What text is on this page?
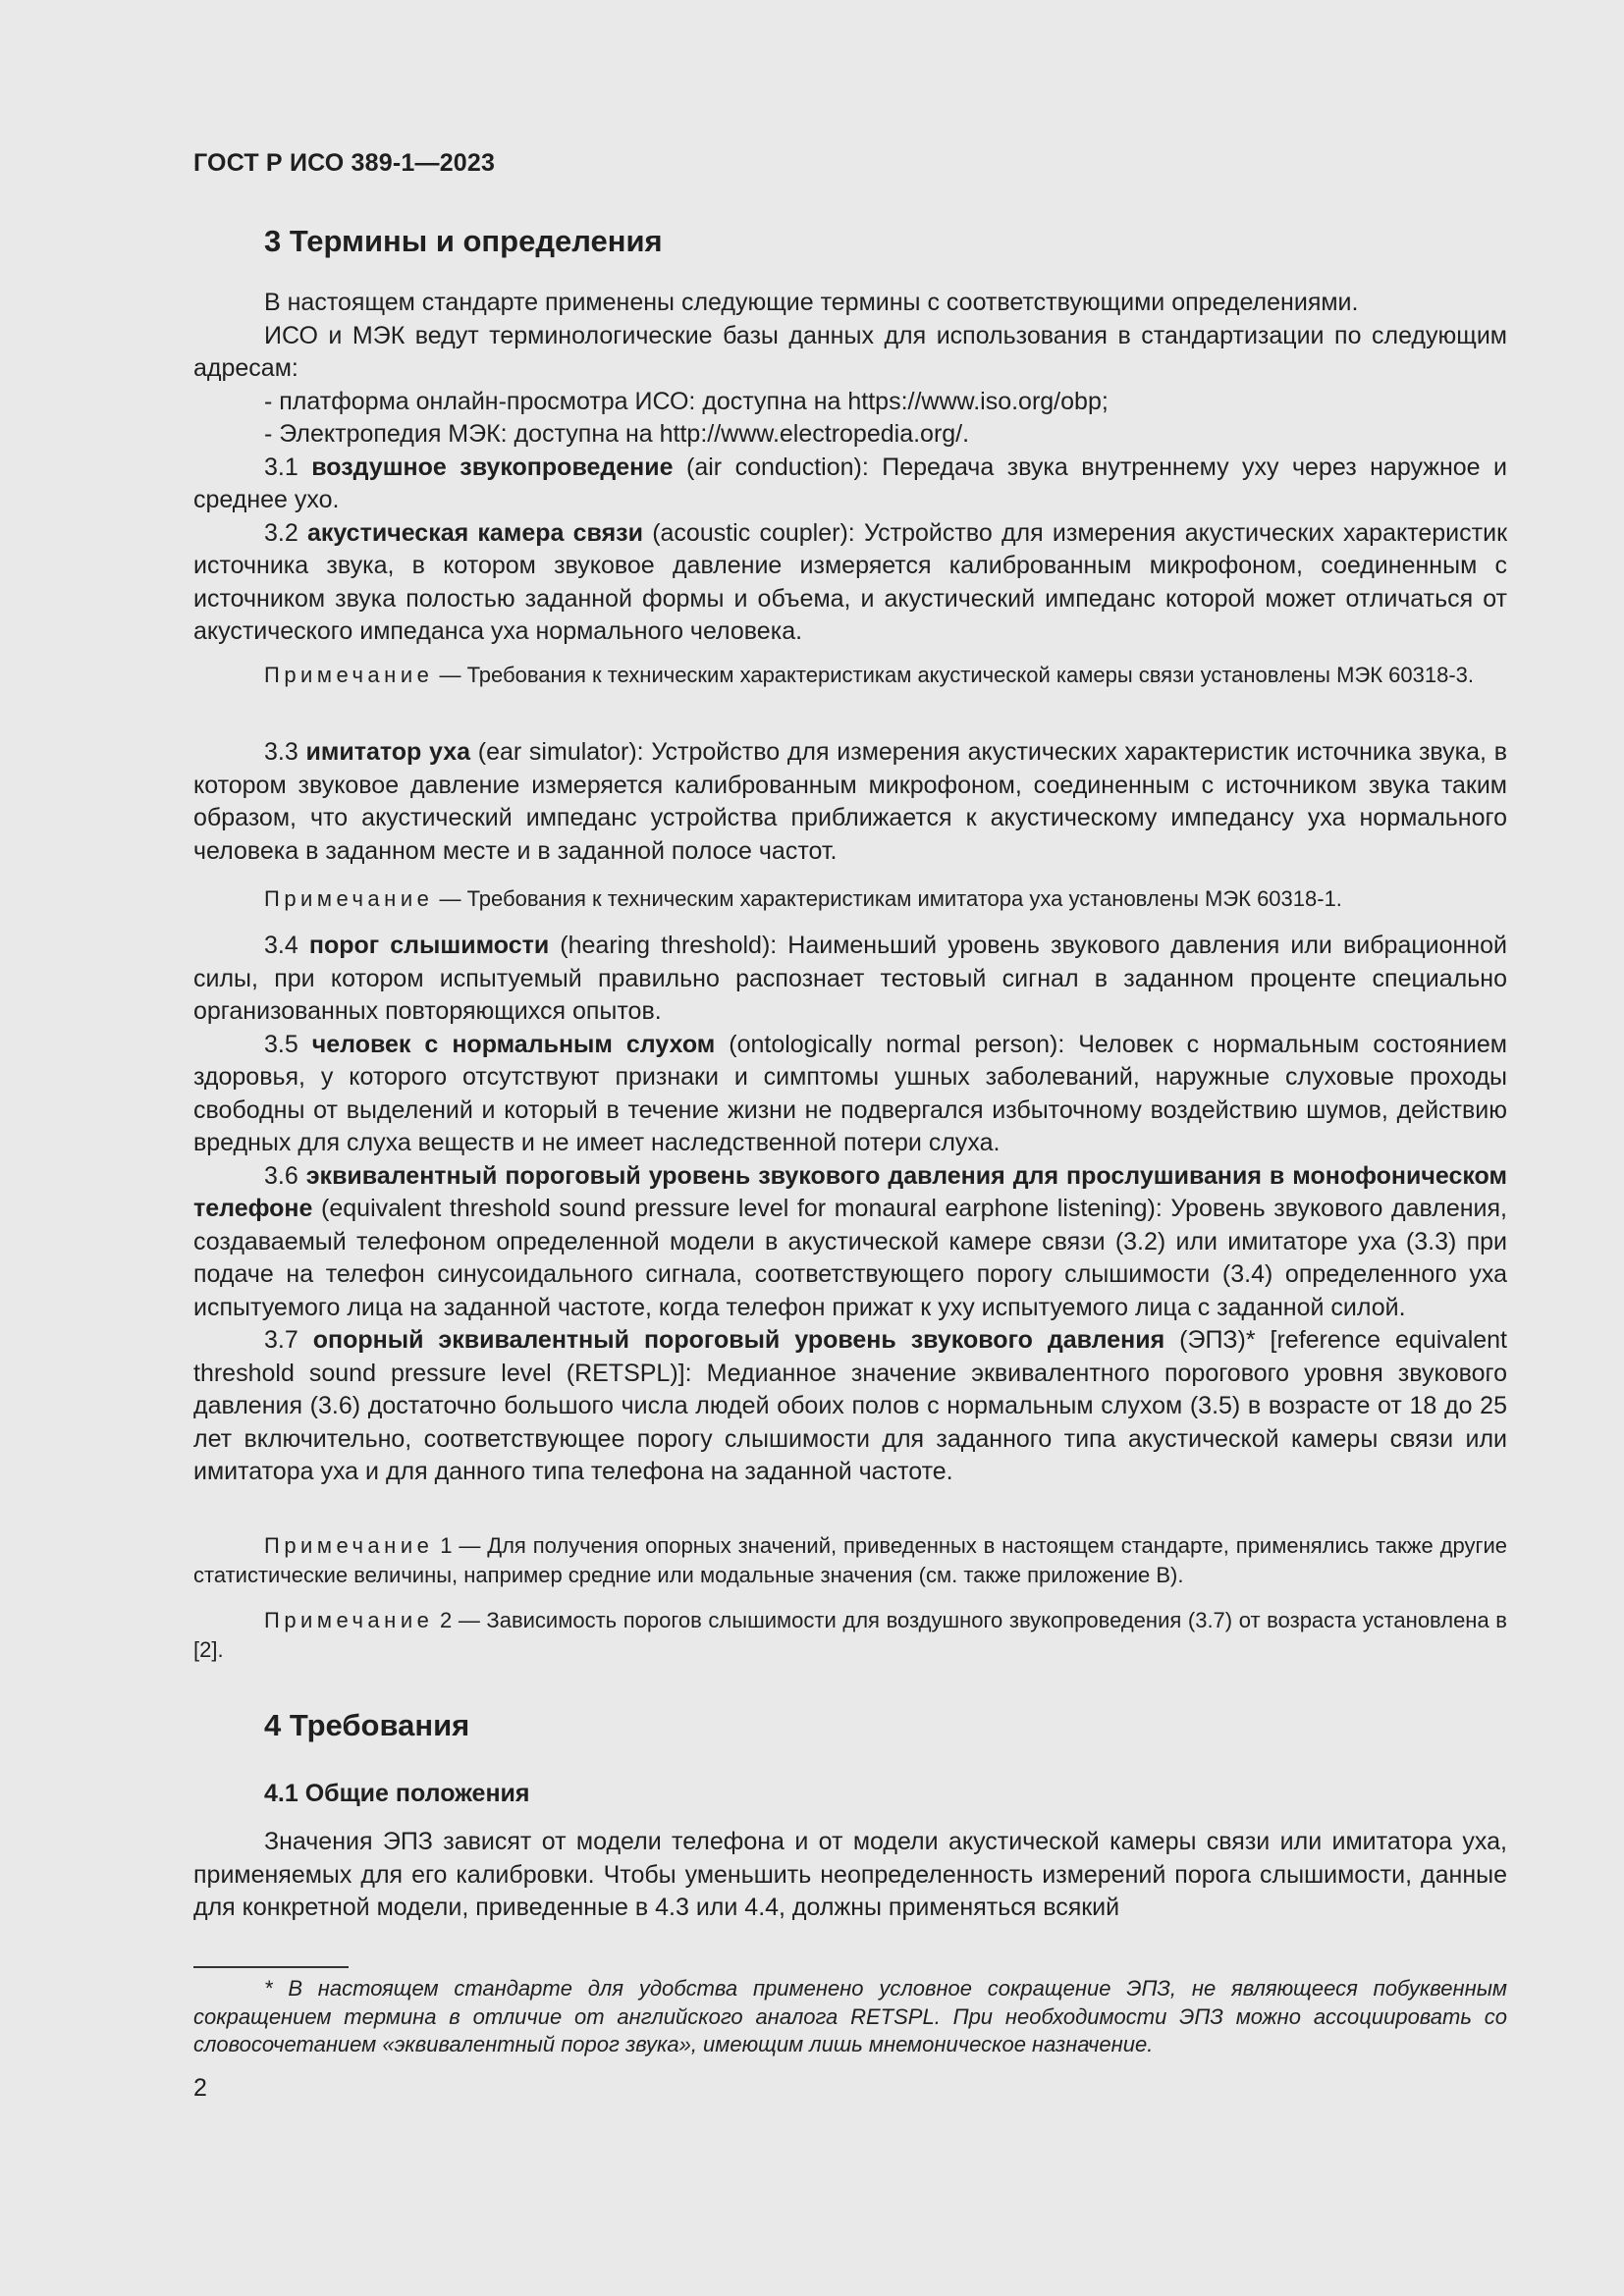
ГОСТ Р ИСО 389-1—2023
3 Термины и определения

В настоящем стандарте применены следующие термины с соответствующими определениями.

ИСО и МЭК ведут терминологические базы данных для использования в стандартизации по следующим адресам:

- платформа онлайн-просмотра ИСО: доступна на https://www.iso.org/obp;

- Электропедия МЭК: доступна на http://www.electropedia.org/.

3.1 воздушное звукопроведение (air conduction): Передача звука внутреннему уху через наружное и среднее ухо.

3.2 акустическая камера связи (acoustic coupler): Устройство для измерения акустических характеристик источника звука, в котором звуковое давление измеряется калиброванным микрофоном, соединенным с источником звука полостью заданной формы и объема, и акустический импеданс которой может отличаться от акустического импеданса уха нормального человека.

Примечание — Требования к техническим характеристикам акустической камеры связи установлены МЭК 60318-3.

3.3 имитатор уха (ear simulator): Устройство для измерения акустических характеристик источника звука, в котором звуковое давление измеряется калиброванным микрофоном, соединенным с источником звука таким образом, что акустический импеданс устройства приближается к акустическому импедансу уха нормального человека в заданном месте и в заданной полосе частот.

Примечание — Требования к техническим характеристикам имитатора уха установлены МЭК 60318-1.

3.4 порог слышимости (hearing threshold): Наименьший уровень звукового давления или вибрационной силы, при котором испытуемый правильно распознает тестовый сигнал в заданном проценте специально организованных повторяющихся опытов.

3.5 человек с нормальным слухом (ontologically normal person): Человек с нормальным состоянием здоровья, у которого отсутствуют признаки и симптомы ушных заболеваний, наружные слуховые проходы свободны от выделений и который в течение жизни не подвергался избыточному воздействию шумов, действию вредных для слуха веществ и не имеет наследственной потери слуха.

3.6 эквивалентный пороговый уровень звукового давления для прослушивания в монофоническом телефоне (equivalent threshold sound pressure level for monaural earphone listening): Уровень звукового давления, создаваемый телефоном определенной модели в акустической камере связи (3.2) или имитаторе уха (3.3) при подаче на телефон синусоидального сигнала, соответствующего порогу слышимости (3.4) определенного уха испытуемого лица на заданной частоте, когда телефон прижат к уху испытуемого лица с заданной силой.

3.7 опорный эквивалентный пороговый уровень звукового давления (ЭПЗ)* [reference equivalent threshold sound pressure level (RETSPL)]: Медианное значение эквивалентного порогового уровня звукового давления (3.6) достаточно большого числа людей обоих полов с нормальным слухом (3.5) в возрасте от 18 до 25 лет включительно, соответствующее порогу слышимости для заданного типа акустической камеры связи или имитатора уха и для данного типа телефона на заданной частоте.

Примечание 1 — Для получения опорных значений, приведенных в настоящем стандарте, применялись также другие статистические величины, например средние или модальные значения (см. также приложение В).

Примечание 2 — Зависимость порогов слышимости для воздушного звукопроведения (3.7) от возраста установлена в [2].

4 Требования
4.1 Общие положения

Значения ЭПЗ зависят от модели телефона и от модели акустической камеры связи или имитатора уха, применяемых для его калибровки. Чтобы уменьшить неопределенность измерений порога слышимости, данные для конкретной модели, приведенные в 4.3 или 4.4, должны применяться всякий

* В настоящем стандарте для удобства применено условное сокращение ЭПЗ, не являющееся побуквенным сокращением термина в отличие от английского аналога RETSPL. При необходимости ЭПЗ можно ассоциировать со словосочетанием «эквивалентный порог звука», имеющим лишь мнемоническое назначение.

2
